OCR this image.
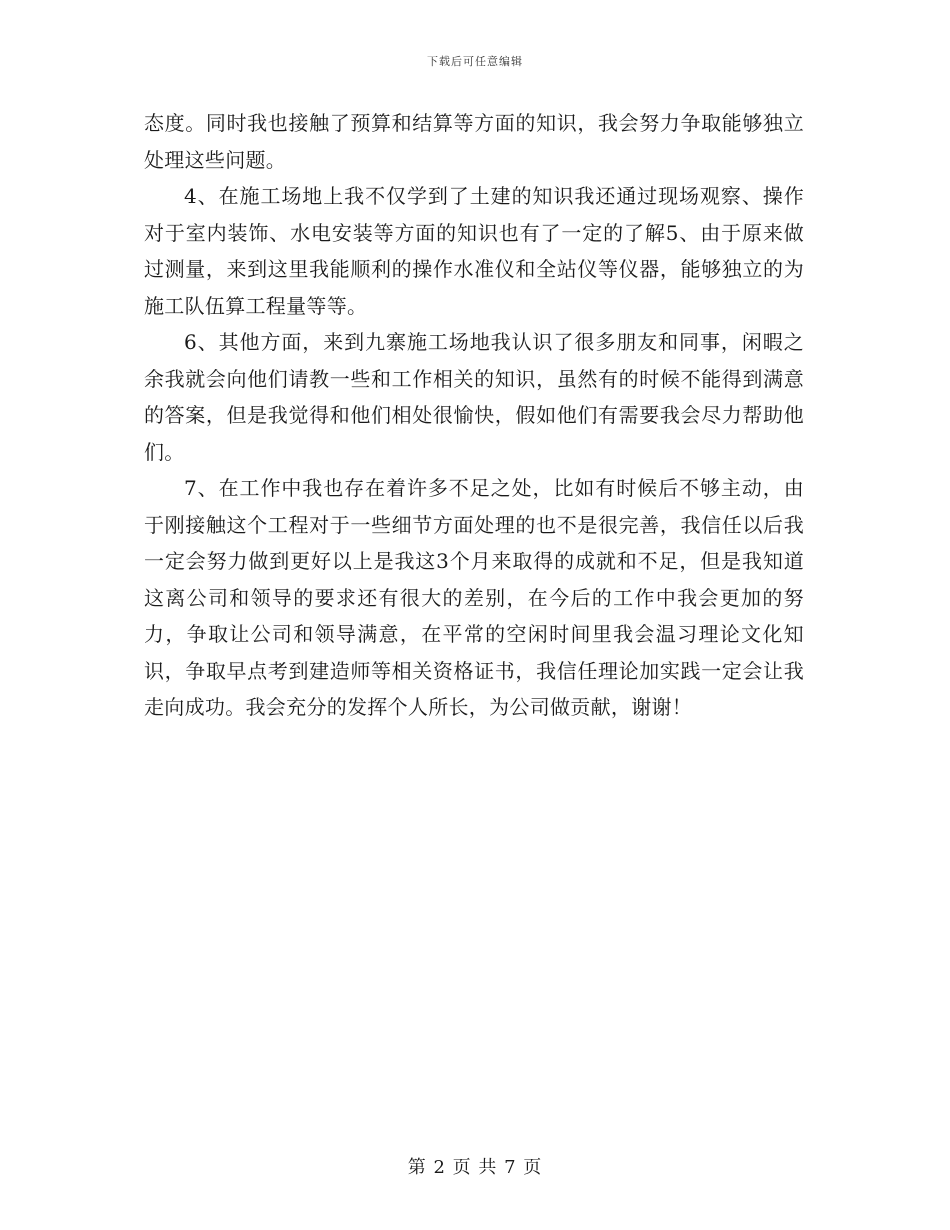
下载后可任意编辑

态度。同时我也接触了预算和结算等方面的知识，我会努力争取能够独立处理这些问题。

4、在施工场地上我不仅学到了土建的知识我还通过现场观察、操作对于室内装饰、水电安装等方面的知识也有了一定的了解5、由于原来做过测量，来到这里我能顺利的操作水准仪和全站仪等仪器，能够独立的为施工队伍算工程量等等。

6、其他方面，来到九寨施工场地我认识了很多朋友和同事，闲暇之余我就会向他们请教一些和工作相关的知识，虽然有的时候不能得到满意的答案，但是我觉得和他们相处很愉快，假如他们有需要我会尽力帮助他们。

7、在工作中我也存在着许多不足之处，比如有时候后不够主动，由于刚接触这个工程对于一些细节方面处理的也不是很完善，我信任以后我一定会努力做到更好以上是我这3个月来取得的成就和不足，但是我知道这离公司和领导的要求还有很大的差别，在今后的工作中我会更加的努力，争取让公司和领导满意，在平常的空闲时间里我会温习理论文化知识，争取早点考到建造师等相关资格证书，我信任理论加实践一定会让我走向成功。我会充分的发挥个人所长，为公司做贡献，谢谢！

第 2 页 共 7 页
